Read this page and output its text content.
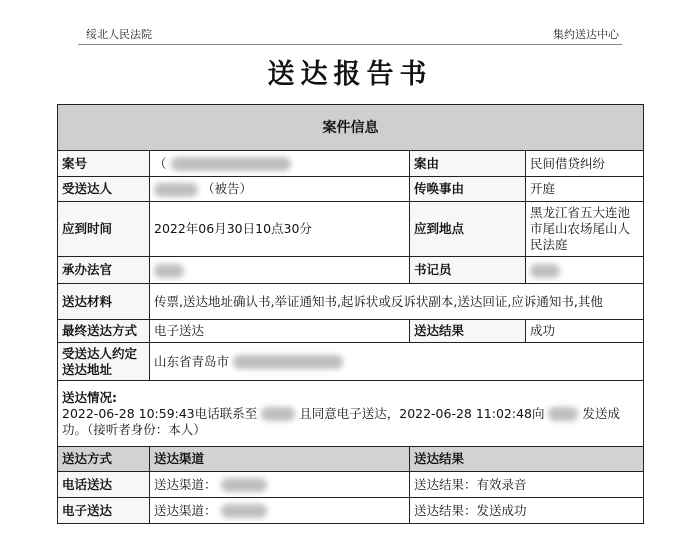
绥北人民法院	集约送达中心
送达报告书
案件信息			
案号	（	案由	民间借贷纠纷
受送达人	（被告）	传唤事由	开庭
应到时间	2022年06月30日10点30分	应到地点	黑龙江省五大连池市尾山农场尾山人民法庭
承办法官		书记员	
送达材料	传票,送达地址确认书,举证通知书,起诉状或反诉状副本,送达回证,应诉通知书,其他		
最终送达方式	电子送达	送达结果	成功
受送达人约定送达地址	山东省青岛市		

送达情况:
2022-06-28 10:59:43电话联系至 且同意电子送达，2022-06-28 11:02:48向 发送成功。（接听者身份：本人）			

送达方式	送达渠道	送达结果	
电话送达	送达渠道：	送达结果：有效录音	
电子送达	送达渠道：	送达结果：发送成功	
